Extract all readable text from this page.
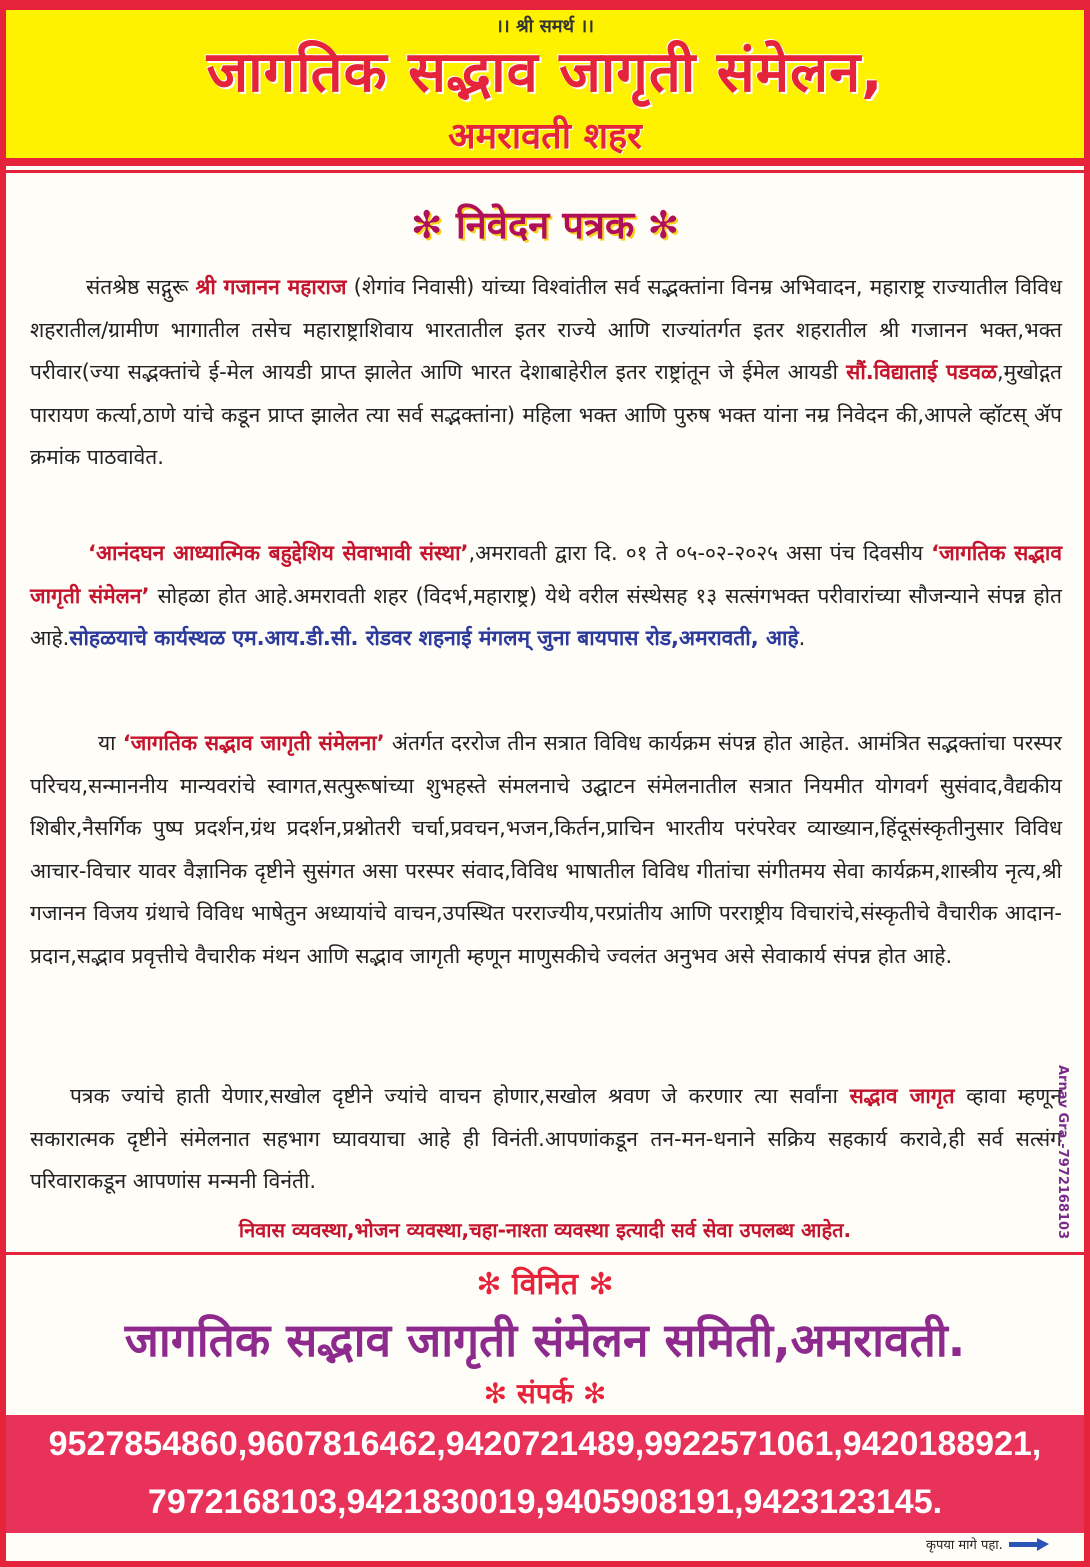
।। श्री समर्थ ।।
जागतिक सद्भाव जागृती संमेलन,
अमरावती शहर
✻ निवेदन पत्रक ✻
संतश्रेष्ठ सद्गुरू श्री गजानन महाराज (शेगांव निवासी) यांच्या विश्वांतील सर्व सद्भक्तांना विनम्र अभिवादन, महाराष्ट्र राज्यातील विविध शहरातील/ग्रामीण भागातील तसेच महाराष्ट्राशिवाय भारतातील इतर राज्ये आणि राज्यांतर्गत इतर शहरातील श्री गजानन भक्त,भक्त परीवार(ज्या सद्भक्तांचे ई-मेल आयडी प्राप्त झालेत आणि भारत देशाबाहेरील इतर राष्ट्रांतून जे ईमेल आयडी सौं.विद्याताई पडवळ,मुखोद्गत पारायण कर्त्या,ठाणे यांचे कडून प्राप्त झालेत त्या सर्व सद्भक्तांना) महिला भक्त आणि पुरुष भक्त यांना नम्र निवेदन की,आपले व्हॉटस् ॲप क्रमांक पाठवावेत.
‘आनंदघन आध्यात्मिक बहुद्देशिय सेवाभावी संस्था’,अमरावती द्वारा दि. ०१ ते ०५-०२-२०२५ असा पंच दिवसीय ‘जागतिक सद्भाव जागृती संमेलन’ सोहळा होत आहे.अमरावती शहर (विदर्भ,महाराष्ट्र) येथे वरील संस्थेसह १३ सत्संगभक्त परीवारांच्या सौजन्याने संपन्न होत आहे.सोहळयाचे कार्यस्थळ एम.आय.डी.सी. रोडवर शहनाई मंगलम् जुना बायपास रोड,अमरावती, आहे.
या ‘जागतिक सद्भाव जागृती संमेलना’ अंतर्गत दररोज तीन सत्रात विविध कार्यक्रम संपन्न होत आहेत. आमंत्रित सद्भक्तांचा परस्पर परिचय,सन्माननीय मान्यवरांचे स्वागत,सत्पुरूषांच्या शुभहस्ते संमलनाचे उद्घाटन संमेलनातील सत्रात नियमीत योगवर्ग सुसंवाद,वैद्यकीय शिबीर,नैसर्गिक पुष्प प्रदर्शन,ग्रंथ प्रदर्शन,प्रश्नोतरी चर्चा,प्रवचन,भजन,किर्तन,प्राचिन भारतीय परंपरेवर व्याख्यान,हिंदूसंस्कृतीनुसार विविध आचार-विचार यावर वैज्ञानिक दृष्टीने सुसंगत असा परस्पर संवाद,विविध भाषातील विविध गीतांचा संगीतमय सेवा कार्यक्रम,शास्त्रीय नृत्य,श्री गजानन विजय ग्रंथाचे विविध भाषेतुन अध्यायांचे वाचन,उपस्थित परराज्यीय,परप्रांतीय आणि परराष्ट्रीय विचारांचे,संस्कृतीचे वैचारीक आदान-प्रदान,सद्भाव प्रवृत्तीचे वैचारीक मंथन आणि सद्भाव जागृती म्हणून माणुसकीचे ज्वलंत अनुभव असे सेवाकार्य संपन्न होत आहे.
पत्रक ज्यांचे हाती येणार,सखोल दृष्टीने ज्यांचे वाचन होणार,सखोल श्रवण जे करणार त्या सर्वांना सद्भाव जागृत व्हावा म्हणून सकारात्मक दृष्टीने संमेलनात सहभाग घ्यावयाचा आहे ही विनंती.आपणांकडून तन-मन-धनाने सक्रिय सहकार्य करावे,ही सर्व सत्संग परिवाराकडून आपणांस मन्मनी विनंती.
निवास व्यवस्था,भोजन व्यवस्था,चहा-नाश्ता व्यवस्था इत्यादी सर्व सेवा उपलब्ध आहेत.	Arnav Gra.-7972168103
✻ विनित ✻
जागतिक सद्भाव जागृती संमेलन समिती,अमरावती.
✻ संपर्क ✻
9527854860,9607816462,9420721489,9922571061,9420188921,
7972168103,9421830019,9405908191,9423123145.
कृपया मागे पहा.
